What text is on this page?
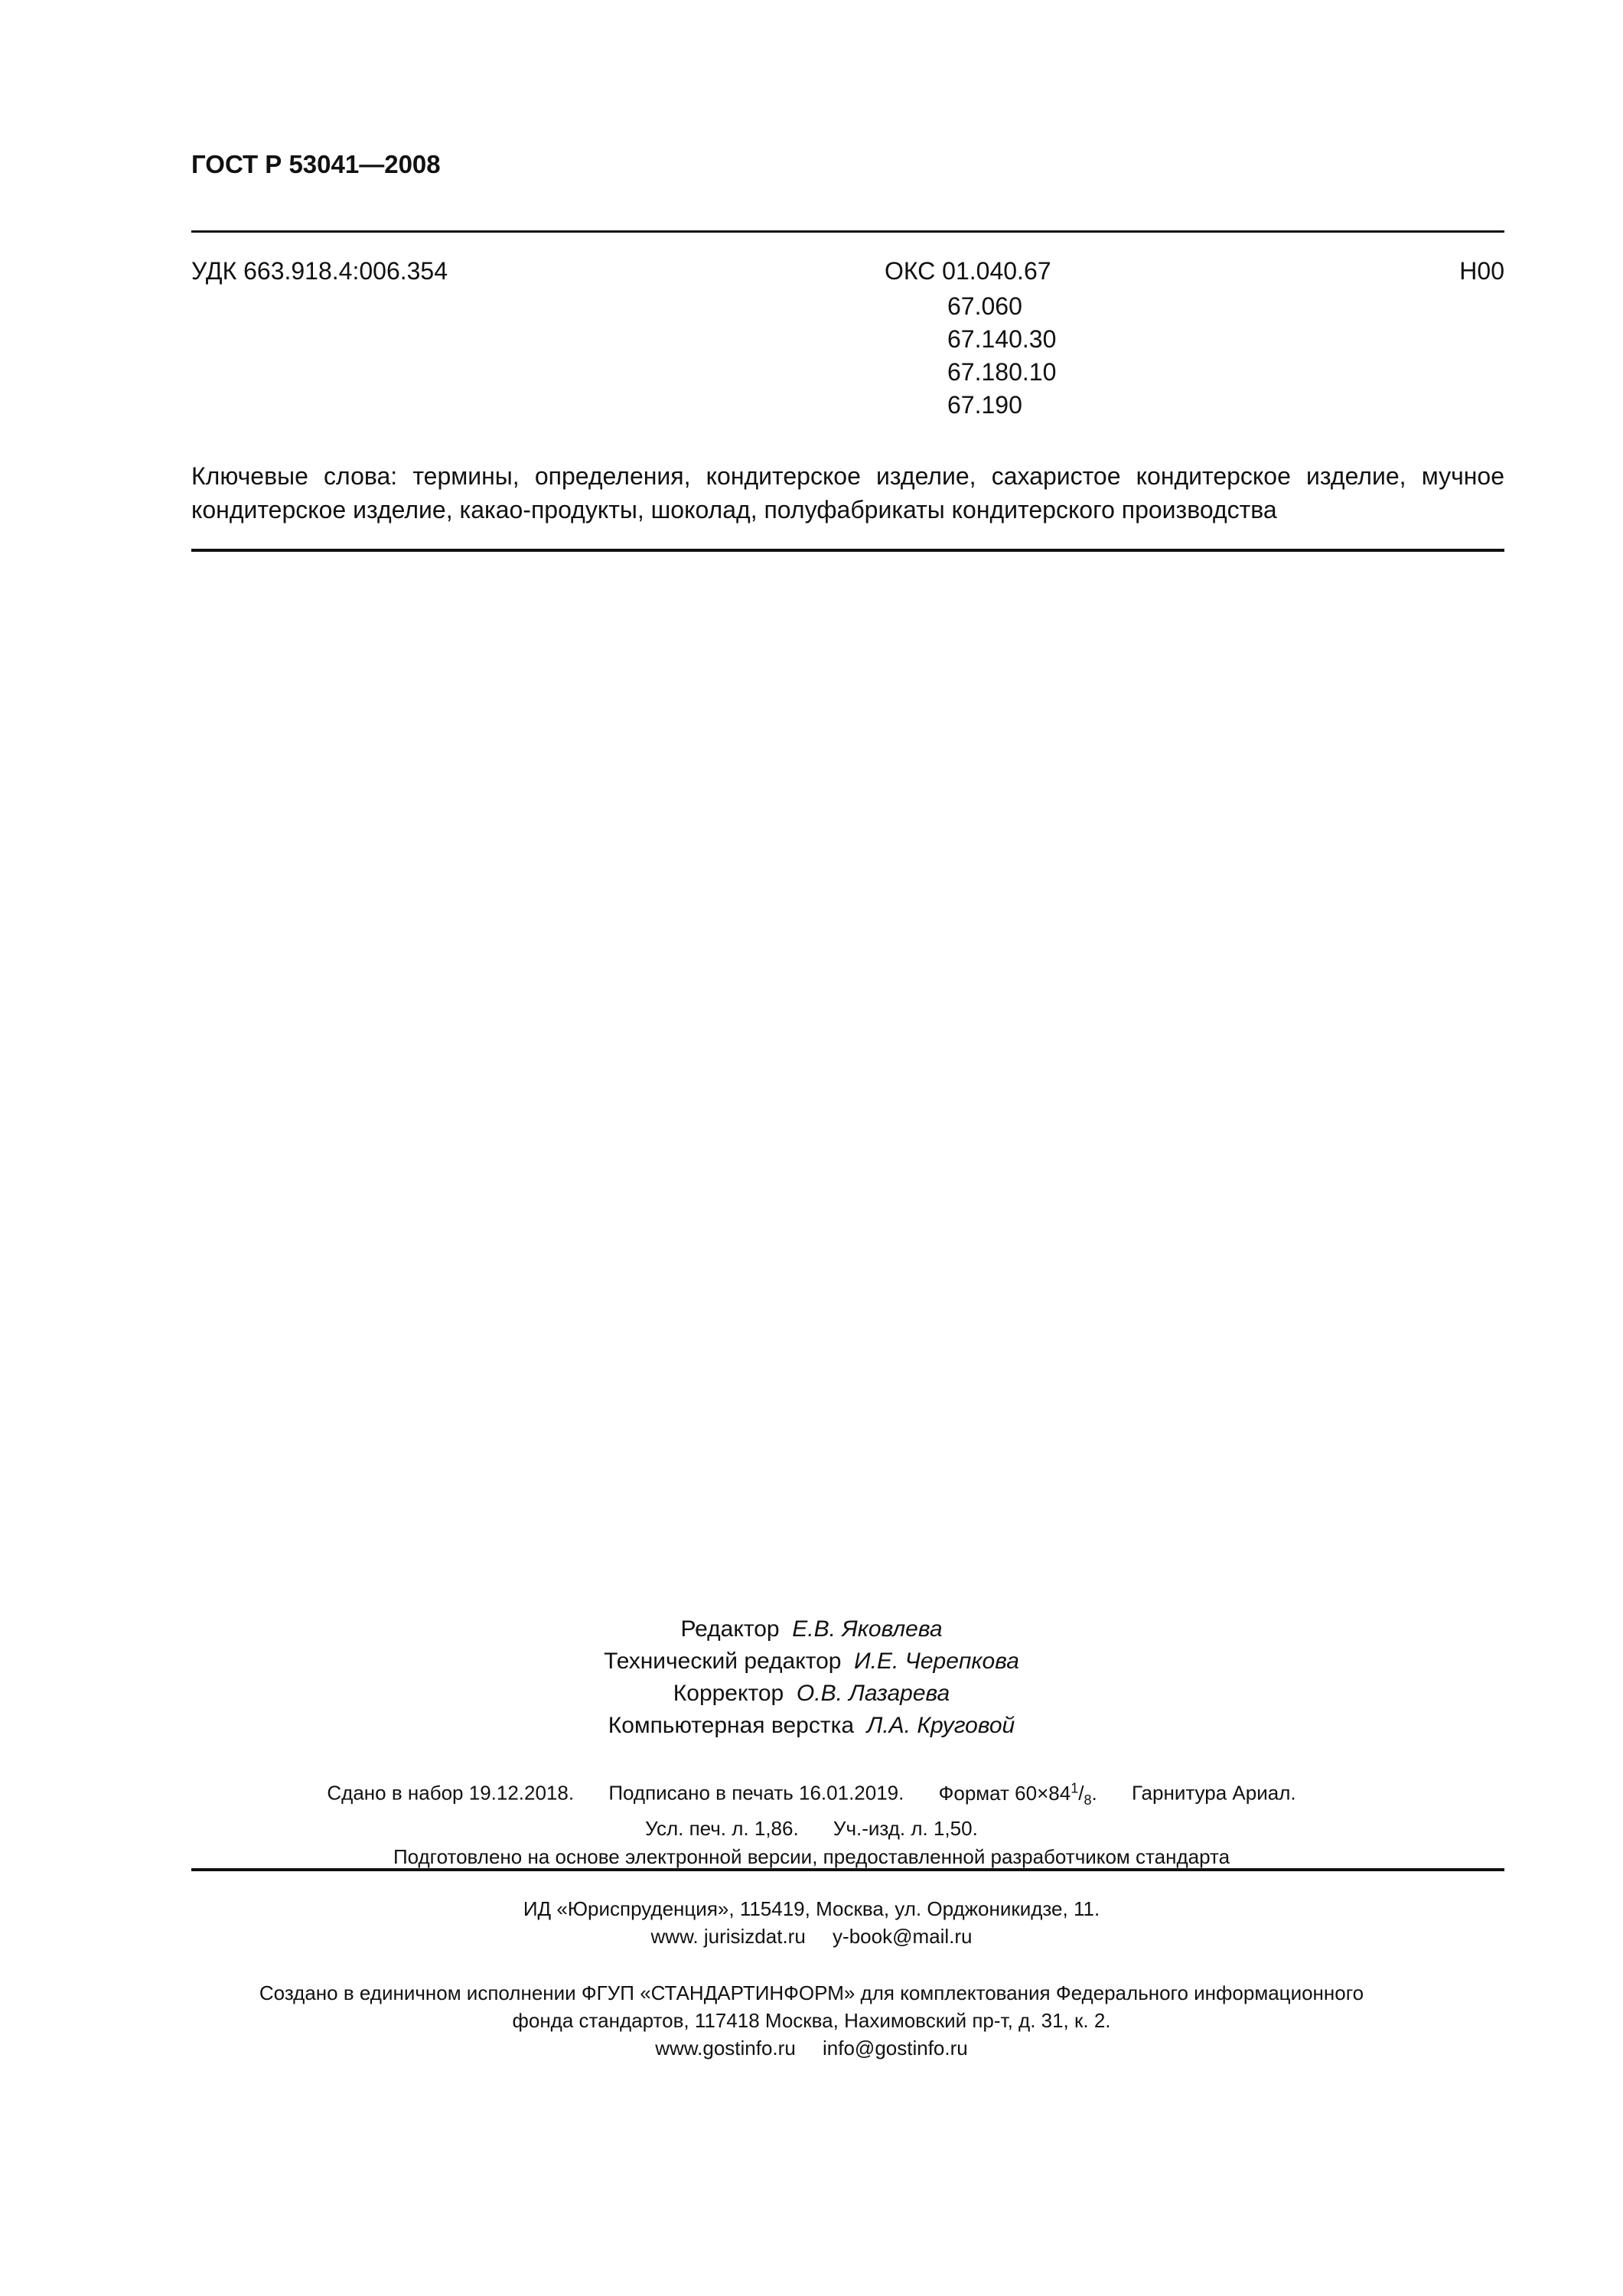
ГОСТ Р 53041—2008
УДК 663.918.4:006.354	ОКС 01.040.67
67.060
67.140.30
67.180.10
67.190
Н00
Ключевые слова: термины, определения, кондитерское изделие, сахаристое кондитерское изделие, мучное кондитерское изделие, какао-продукты, шоколад, полуфабрикаты кондитерского производства
Редактор Е.В. Яковлева
Технический редактор И.Е. Черепкова
Корректор О.В. Лазарева
Компьютерная верстка Л.А. Круговой
Сдано в набор 19.12.2018. Подписано в печать 16.01.2019. Формат $60\times 84^1/_8$. Гарнитура Ариал.
Усл. печ. л. 1,86. Уч.-изд. л. 1,50.
Подготовлено на основе электронной версии, предоставленной разработчиком стандарта
ИД «Юриспруденция», 115419, Москва, ул. Орджоникидзе, 11.
www. jurisizdat.ru y-book@mail.ru
Создано в единичном исполнении ФГУП «СТАНДАРТИНФОРМ» для комплектования Федерального информационного
фонда стандартов, 117418 Москва, Нахимовский пр-т, д. 31, к. 2.
www.gostinfo.ru info@gostinfo.ru
